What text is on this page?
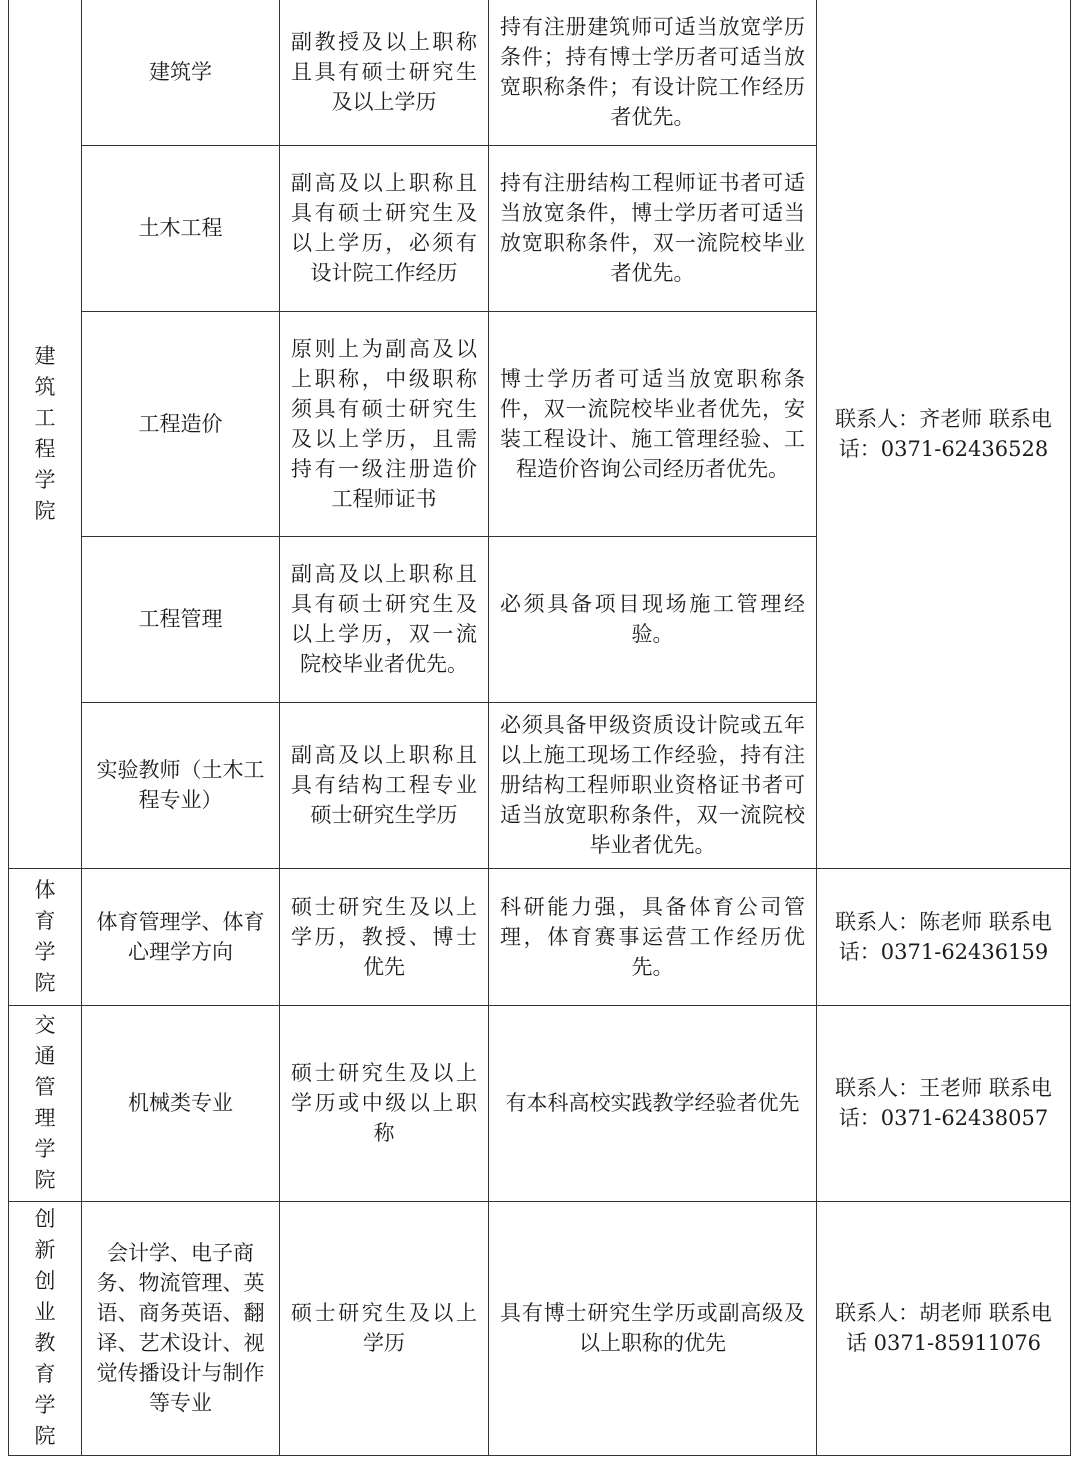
建筑工程学院	建筑学	副教授及以上职称且具有硕士研究生及以上学历	持有注册建筑师可适当放宽学历条件；持有博士学历者可适当放宽职称条件；有设计院工作经历者优先。	联系人：齐老师 联系电话：0371-62436528
	土木工程	副高及以上职称且具有硕士研究生及以上学历，必须有设计院工作经历	持有注册结构工程师证书者可适当放宽条件，博士学历者可适当放宽职称条件，双一流院校毕业者优先。	
	工程造价	原则上为副高及以上职称，中级职称须具有硕士研究生及以上学历，且需持有一级注册造价工程师证书	博士学历者可适当放宽职称条件，双一流院校毕业者优先，安装工程设计、施工管理经验、工程造价咨询公司经历者优先。	
	工程管理	副高及以上职称且具有硕士研究生及以上学历，双一流院校毕业者优先。	必须具备项目现场施工管理经验。	
	实验教师（土木工程专业）	副高及以上职称且具有结构工程专业硕士研究生学历	必须具备甲级资质设计院或五年以上施工现场工作经验，持有注册结构工程师职业资格证书者可适当放宽职称条件，双一流院校毕业者优先。	

体育学院	体育管理学、体育心理学方向	硕士研究生及以上学历，教授、博士优先	科研能力强，具备体育公司管理，体育赛事运营工作经历优先。	联系人：陈老师 联系电话：0371-62436159

交通管理学院	机械类专业	硕士研究生及以上学历或中级以上职称	有本科高校实践教学经验者优先	联系人：王老师 联系电话：0371-62438057

创新创业教育学院	会计学、电子商务、物流管理、英语、商务英语、翻译、艺术设计、视觉传播设计与制作等专业	硕士研究生及以上学历	具有博士研究生学历或副高级及以上职称的优先	联系人：胡老师 联系电话 0371-85911076
